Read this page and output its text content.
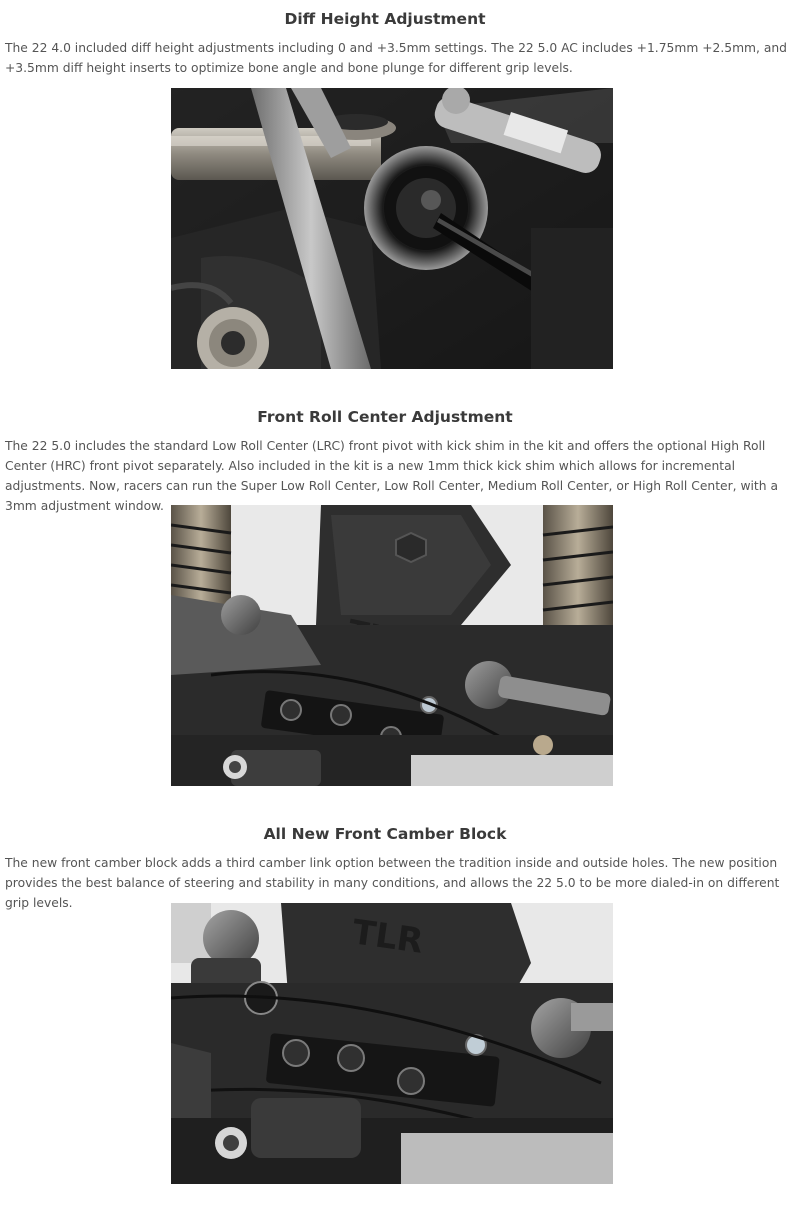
Diff Height Adjustment

The 22 4.0 included diff height adjustments including 0 and +3.5mm settings. The 22 5.0 AC includes +1.75mm +2.5mm, and +3.5mm diff height inserts to optimize bone angle and bone plunge for different grip levels.

Front Roll Center Adjustment

The 22 5.0 includes the standard Low Roll Center (LRC) front pivot with kick shim in the kit and offers the optional High Roll Center (HRC) front pivot separately. Also included in the kit is a new 1mm thick kick shim which allows for incremental adjustments. Now, racers can run the Super Low Roll Center, Low Roll Center, Medium Roll Center, or High Roll Center, with a 3mm adjustment window.

All New Front Camber Block

The new front camber block adds a third camber link option between the tradition inside and outside holes. The new position provides the best balance of steering and stability in many conditions, and allows the 22 5.0 to be more dialed-in on different grip levels.

TLR
